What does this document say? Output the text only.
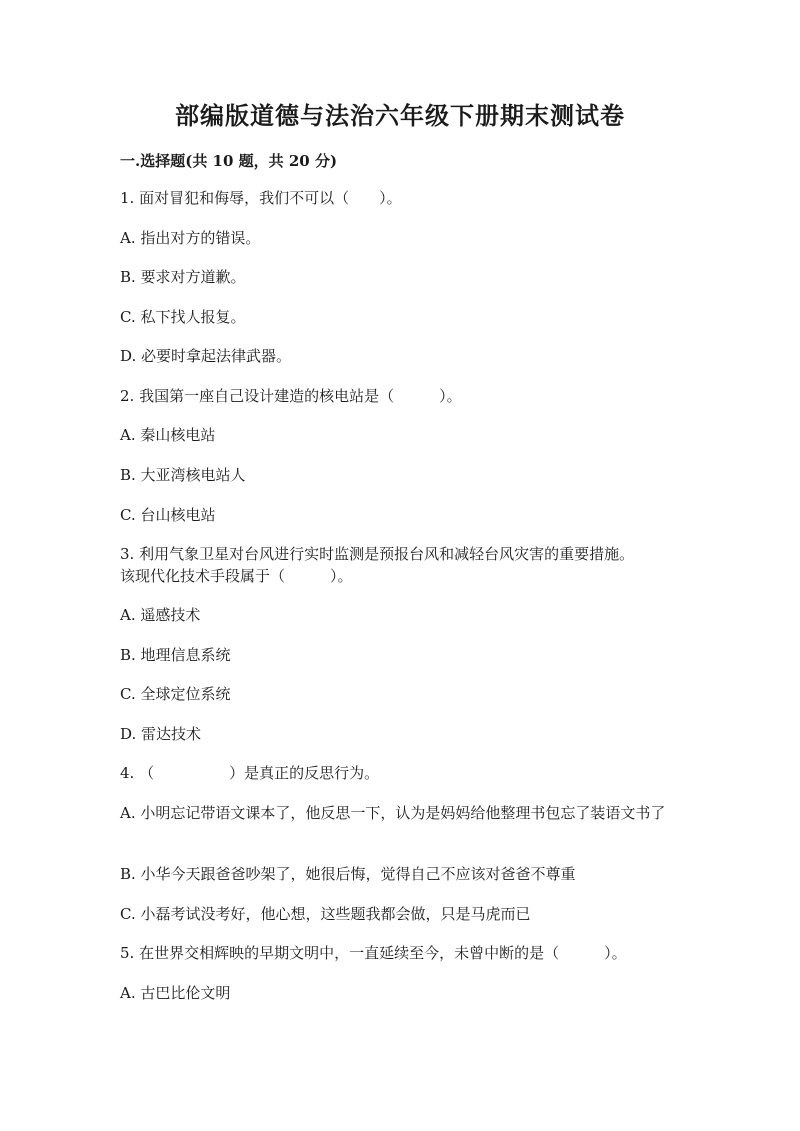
部编版道德与法治六年级下册期末测试卷
一.选择题(共 10 题，共 20 分)
1. 面对冒犯和侮辱，我们不可以（　　）。
A. 指出对方的错误。
B. 要求对方道歉。
C. 私下找人报复。
D. 必要时拿起法律武器。
2. 我国第一座自己设计建造的核电站是（　　　）。
A. 秦山核电站
B. 大亚湾核电站人
C. 台山核电站
3. 利用气象卫星对台风进行实时监测是预报台风和减轻台风灾害的重要措施。
该现代化技术手段属于（　　　）。
A. 遥感技术
B. 地理信息系统
C. 全球定位系统
D. 雷达技术
4. （　　　　　）是真正的反思行为。
A. 小明忘记带语文课本了，他反思一下，认为是妈妈给他整理书包忘了装语文书了
B. 小华今天跟爸爸吵架了，她很后悔，觉得自己不应该对爸爸不尊重
C. 小磊考试没考好，他心想，这些题我都会做，只是马虎而已
5. 在世界交相辉映的早期文明中，一直延续至今，未曾中断的是（　　　）。
A. 古巴比伦文明
